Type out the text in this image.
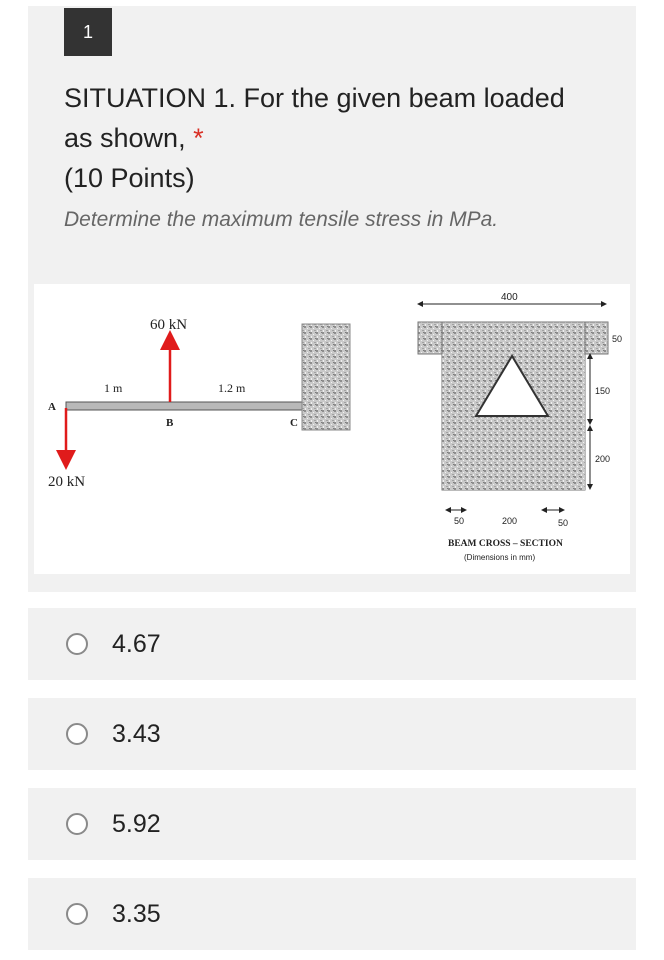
1
SITUATION 1. For the given beam loaded as shown, *
(10 Points)
Determine the maximum tensile stress in MPa.
60 kN
20 kN
1 m	1.2 m
A
B	C
400
50
150
200
50	200	50
BEAM CROSS – SECTION
(Dimensions in mm)
4.67
3.43
5.92
3.35
